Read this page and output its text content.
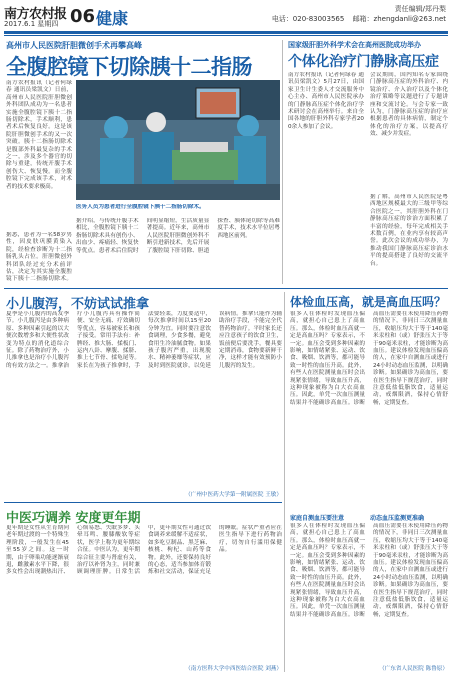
南方农村报
2017.6.1 星期四 06 健康	责任编辑/郑丹梨
电话：020-83003565 邮箱：zhengdanli@263.net
高州市人民医院肝胆微创手术再攀高峰
全腹腔镜下切除胰十二指肠
南方农村报讯（记者何绿春 通讯员梁凯文）日前，高州市人民医院肝胆微创外科团队成功为一名患者实施全腹腔镜下胰十二指肠切除术，手术顺利，患者术后恢复良好。这是该院肝胆微创手术的又一次突破。胰十二指肠切除术是腹部外科最复杂的手术之一，涉及多个器官的切除与重建，传统开腹手术创伤大、恢复慢。而全腹腔镜下完成该手术，对术者的技术要求极高。
医务人员为患者进行全腹腔镜下胰十二指肠切除术。
据悉，患者为一名58岁男性，因皮肤巩膜黄染入院，经检查诊断为十二指肠乳头占位。肝胆微创外科团队经过充分术前评估，决定为其实施全腹腔镜下胰十二指肠切除术。
据介绍，与传统开腹手术相比，全腹腔镜下胰十二指肠切除术具有创伤小、出血少、疼痛轻、恢复快等优点。患者术后住院时间明显缩短，生活质量显著提高。近年来，高州市人民医院肝胆微创外科不断引进新技术，先后开展了腹腔镜下肝切除、胆道探查、胰体尾切除等高难度手术，技术水平位居粤西地区前列。
国家级肝胆外科学术会在高州医院成功举办
个体化治疗门静脉高压症
南方农村报讯（记者何绿春 通讯员梁凯文）5月27日，由国家卫生计生委人才交流服务中心主办、高州市人民医院承办的门静脉高压症个体化治疗学术研讨会在高州举行。来自全国各地的肝胆外科专家学者200余人参加了会议。
会议期间，国内知名专家围绕门静脉高压症的外科治疗、内镜治疗、介入治疗以及个体化治疗策略等议题进行了专题讲座和交流讨论。与会专家一致认为，门静脉高压症的治疗应根据患者的具体病情，制定个体化的治疗方案，以提高疗效、减少并发症。
据了解，高州市人民医院是粤西地区规模最大的三级甲等综合医院之一，其肝胆外科在门静脉高压症的诊治方面积累了丰富的经验，每年完成相关手术数百例，在业内享有较高声誉。此次会议的成功举办，为推动我国门静脉高压症诊治水平的提高搭建了良好的交流平台。
小儿腹泻，不妨试试推拿
夏季是小儿腹泻的高发季节。小儿腹泻是由多种病原、多种因素引起的以大便次数增多和大便性状改变为特点的消化道综合征。除了药物治疗外，小儿推拿也是治疗小儿腹泻的有效方法之一。推拿治疗小儿腹泻具有操作简便、安全无痛、疗效确切等优点，容易被家长和孩子接受。常用手法有：补脾经、推大肠、揉板门、运内八卦、摩腹、揉脐、推上七节骨、揉龟尾等。家长在为孩子推拿时，手法要轻柔，力度要适中，每次推拿时间以15至20分钟为宜。同时要注意饮食调理，少食多餐，避免食用生冷油腻食物。如果孩子腹泻严重，出现脱水、精神萎靡等症状，应及时到医院就诊，以免延误病情。推拿只能作为辅助治疗手段，不能完全代替药物治疗。平时家长还应注意孩子的饮食卫生，饭前便后要洗手，餐具要定期消毒，食物要新鲜干净，这样才能有效预防小儿腹泻的发生。
（广州中医药大学第一附属医院 王敏）
体检血压高，就是高血压吗？
很多人在体检时发现血压偏高，就担心自己患上了高血压。那么，体检时血压高就一定是高血压吗？专家表示，不一定。血压会受到多种因素的影响，如情绪紧张、运动、饮食、吸烟、饮酒等，都可能导致一时性的血压升高。此外，有些人在医院测量血压时会出现紧张情绪，导致血压升高，这种现象被称为白大衣高血压。因此，单凭一次血压测量结果并不能确诊高血压。诊断高血压需要在未使用降压药物的情况下，非同日三次测量血压，收缩压均大于等于140毫米汞柱和（或）舒张压大于等于90毫米汞柱，才能诊断为高血压。建议体检发现血压偏高的人，在家中自测血压或进行24小时动态血压监测，以明确诊断。如果确诊为高血压，要在医生指导下规范治疗，同时注意低盐低脂饮食，适量运动，戒烟限酒，保持心情舒畅，定期复查。
家庭自测血压要注意	动态血压监测更准确
很多人在体检时发现血压偏高，就担心自己患上了高血压。那么，体检时血压高就一定是高血压吗？专家表示，不一定。血压会受到多种因素的影响，如情绪紧张、运动、饮食、吸烟、饮酒等，都可能导致一时性的血压升高。此外，有些人在医院测量血压时会出现紧张情绪，导致血压升高，这种现象被称为白大衣高血压。因此，单凭一次血压测量结果并不能确诊高血压。诊断高血压需要在未使用降压药物的情况下，非同日三次测量血压，收缩压均大于等于140毫米汞柱和（或）舒张压大于等于90毫米汞柱，才能诊断为高血压。建议体检发现血压偏高的人，在家中自测血压或进行24小时动态血压监测，以明确诊断。如果确诊为高血压，要在医生指导下规范治疗，同时注意低盐低脂饮食，适量运动，戒烟限酒，保持心情舒畅，定期复查。
（广东省人民医院 陈鲁原）
中医巧调养 安度更年期
更年期是女性从生育期向老年期过渡的一个特殊生理阶段，一般发生在45至55岁之间。这一时期，由于卵巢功能逐渐衰退，雌激素水平下降，很多女性会出现潮热出汗、心烦易怒、失眠多梦、头晕耳鸣、腰膝酸软等症状，医学上称为更年期综合征。中医认为，更年期综合征主要与肾虚有关，治疗以补肾为主，同时兼顾调理肝脾。日常生活中，更年期女性可通过饮食调养来缓解不适症状，如多吃豆制品、黑芝麻、核桃、枸杞、山药等食物。此外，还要保持良好的心态，适当参加体育锻炼和社交活动，保证充足的睡眠。症状严重者应在医生指导下进行药物治疗，切勿自行滥用保健品。
（南方医科大学中西医结合医院 刘燕）
